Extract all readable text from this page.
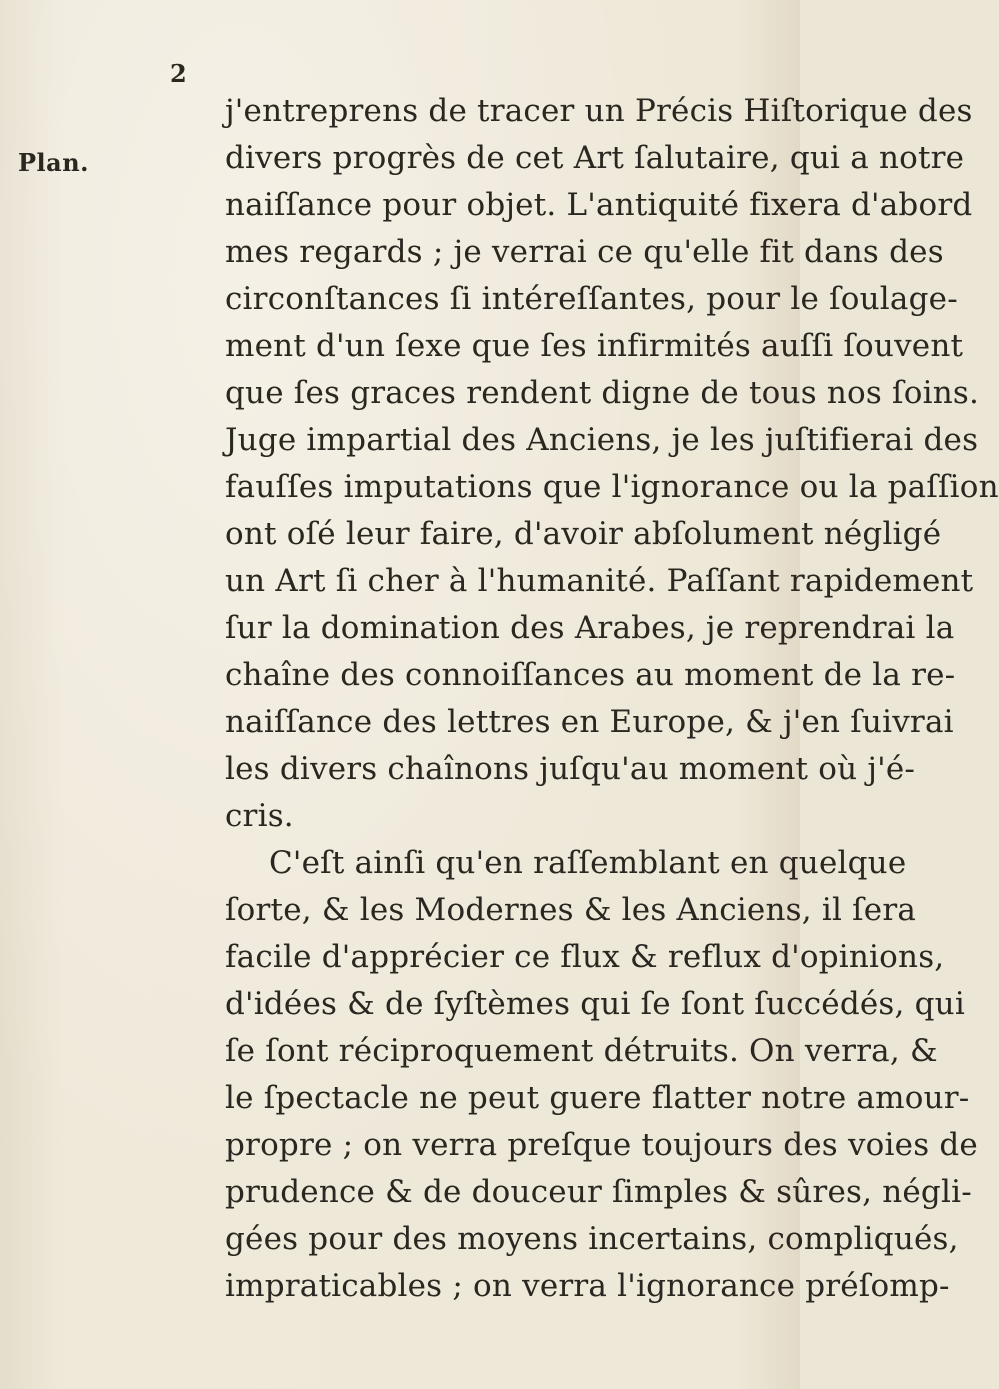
2
Plan.
j'entreprens de tracer un Précis Hiſtorique des
divers progrès de cet Art ſalutaire, qui a notre
naiſſance pour objet. L'antiquité fixera d'abord
mes regards ; je verrai ce qu'elle fit dans des
circonſtances ſi intéreſſantes, pour le ſoulage-
ment d'un ſexe que ſes infirmités auſſi ſouvent
que ſes graces rendent digne de tous nos ſoins.
Juge impartial des Anciens, je les juſtifierai des
fauſſes imputations que l'ignorance ou la paſſion
ont oſé leur faire, d'avoir abſolument négligé
un Art ſi cher à l'humanité. Paſſant rapidement
ſur la domination des Arabes, je reprendrai la
chaîne des connoiſſances au moment de la re-
naiſſance des lettres en Europe, & j'en ſuivrai
les divers chaînons juſqu'au moment où j'é-
cris.
C'eſt ainſi qu'en raſſemblant en quelque
ſorte, & les Modernes & les Anciens, il ſera
facile d'apprécier ce flux & reflux d'opinions,
d'idées & de ſyſtèmes qui ſe ſont ſuccédés, qui
ſe ſont réciproquement détruits. On verra, &
le ſpectacle ne peut guere flatter notre amour-
propre ; on verra preſque toujours des voies de
prudence & de douceur ſimples & sûres, négli-
gées pour des moyens incertains, compliqués,
impraticables ; on verra l'ignorance préſomp-
